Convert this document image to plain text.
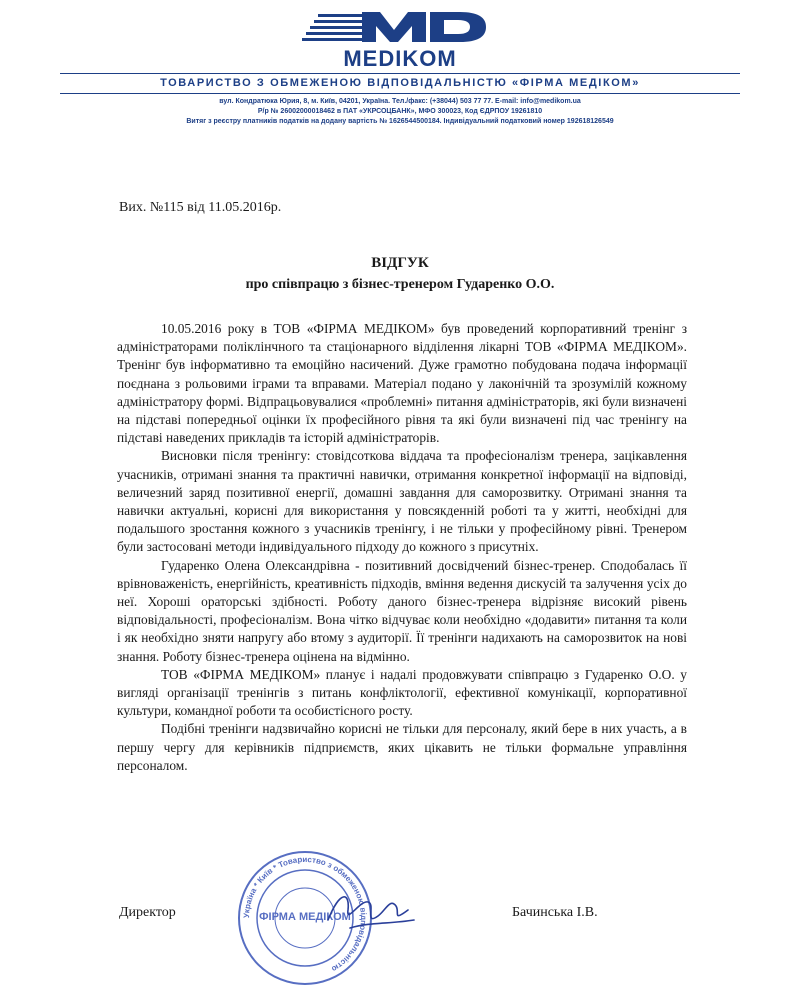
MEDIKOM
ТОВАРИСТВО З ОБМЕЖЕНОЮ ВІДПОВІДАЛЬНІСТЮ «ФІРМА МЕДІКОМ»
вул. Кондратюка Юрия, 8, м. Київ, 04201, Україна. Тел./факс: (+38044) 503 77 77. E-mail: info@medikom.ua
Р/р № 26002000018462 в ПАТ «УКРСОЦБАНК», МФО 300023, Код ЄДРПОУ 19261810
Витяг з реєстру платників податків на додану вартість № 1626544500184. Індивідуальний податковий номер 192618126549
Вих. №115 від 11.05.2016р.
ВІДГУК
про співпрацю з бізнес-тренером Гударенко О.О.

10.05.2016 року в ТОВ «ФІРМА МЕДІКОМ» був проведений корпоративний тренінг з адміністраторами поліклінчного та стаціонарного відділення лікарні ТОВ «ФІРМА МЕДІКОМ». Тренінг був інформативно та емоційно насичений. Дуже грамотно побудована подача інформації поєднана з рольовими іграми та вправами. Матеріал подано у лаконічній та зрозумілій кожному адміністратору формі. Відпрацьовувалися «проблемні» питання адміністраторів, які були визначені на підставі попередньої оцінки їх професійного рівня та які були визначені під час тренінгу на підставі наведених прикладів та історій адміністраторів.

Висновки після тренінгу: стовідсоткова віддача та професіоналізм тренера, зацікавлення учасників, отримані знання та практичні навички, отримання конкретної інформації на відповіді, величезний заряд позитивної енергії, домашні завдання для саморозвитку. Отримані знання та навички актуальні, корисні для використання у повсякденній роботі та у житті, необхідні для подальшого зростання кожного з учасників тренінгу, і не тільки у професійному рівні. Тренером були застосовані методи індивідуального підходу до кожного з присутніх.

Гударенко Олена Олександрівна - позитивний досвідчений бізнес-тренер. Сподобалась її врівноваженість, енергійність, креативність підходів, вміння ведення дискусій та залучення усіх до неї. Хороші ораторські здібності. Роботу даного бізнес-тренера відрізняє високий рівень відповідальності, професіоналізм. Вона чітко відчуває коли необхідно «додавити» питання та коли і як необхідно зняти напругу або втому з аудиторії. Її тренінги надихають на саморозвиток на нові знання. Роботу бізнес-тренера оцінена на відмінно.

ТОВ «ФІРМА МЕДІКОМ» планує і надалі продовжувати співпрацю з Гударенко О.О. у вигляді організації тренінгів з питань конфліктології, ефективної комунікації, корпоративної культури, командної роботи та особистісного росту.

Подібні тренінги надзвичайно корисні не тільки для персоналу, який бере в них участь, а в першу чергу для керівників підприємств, яких цікавить не тільки формальне управління персоналом.

Україна * Київ * Товариство з обмеженою відповідальністю
ФІРМА МЕДІКОМ
Директор	Бачинська І.В.
